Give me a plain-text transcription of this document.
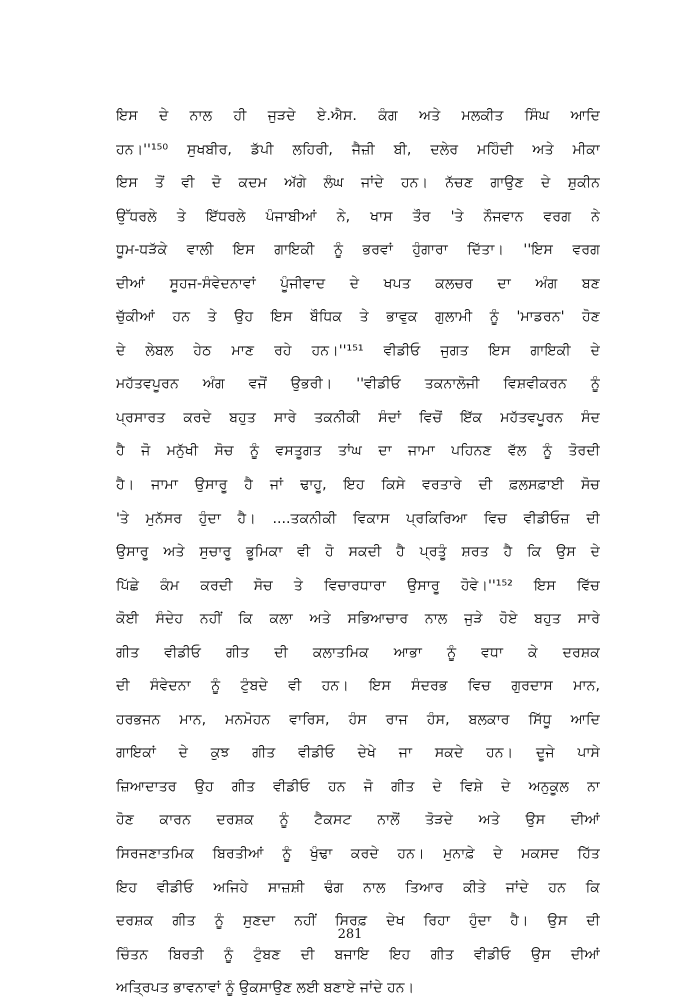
ਇਸ ਦੇ ਨਾਲ ਹੀ ਜੁੜਦੇ ਏ.ਐਸ. ਕੰਗ ਅਤੇ ਮਲਕੀਤ ਸਿੰਘ ਆਦਿ
ਹਨ।''¹⁵⁰ ਸੁਖਬੀਰ, ਡੱਪੀ ਲਹਿਰੀ, ਜੈਜ਼ੀ ਬੀ, ਦਲੇਰ ਮਹਿੰਦੀ ਅਤੇ ਮੀਕਾ
ਇਸ ਤੋਂ ਵੀ ਦੋ ਕਦਮ ਅੱਗੇ ਲੰਘ ਜਾਂਦੇ ਹਨ। ਨੱਚਣ ਗਾਉਣ ਦੇ ਸ਼ੁਕੀਨ
ਉੱਧਰਲੇ ਤੇ ਇੱਧਰਲੇ ਪੰਜਾਬੀਆਂ ਨੇ, ਖਾਸ ਤੌਰ 'ਤੇ ਨੌਜਵਾਨ ਵਰਗ ਨੇ
ਧੂਮ-ਧੜੱਕੇ ਵਾਲੀ ਇਸ ਗਾਇਕੀ ਨੂੰ ਭਰਵਾਂ ਹੁੰਗਾਰਾ ਦਿੱਤਾ। ''ਇਸ ਵਰਗ
ਦੀਆਂ ਸੂਹਜ-ਸੰਵੇਦਨਾਵਾਂ ਪੂੰਜੀਵਾਦ ਦੇ ਖਪਤ ਕਲਚਰ ਦਾ ਅੰਗ ਬਣ
ਚੁੱਕੀਆਂ ਹਨ ਤੇ ਉਹ ਇਸ ਬੌਧਿਕ ਤੇ ਭਾਵੁਕ ਗੁਲਾਮੀ ਨੂੰ 'ਮਾਡਰਨ' ਹੋਣ
ਦੇ ਲੇਬਲ ਹੇਠ ਮਾਣ ਰਹੇ ਹਨ।''¹⁵¹ ਵੀਡੀਓ ਜੁਗਤ ਇਸ ਗਾਇਕੀ ਦੇ
ਮਹੱਤਵਪੂਰਨ ਅੰਗ ਵਜੋਂ ਉਭਰੀ। ''ਵੀਡੀਓ ਤਕਨਾਲੋਜੀ ਵਿਸ਼ਵੀਕਰਨ ਨੂੰ
ਪ੍ਰਸਾਰਤ ਕਰਦੇ ਬਹੁਤ ਸਾਰੇ ਤਕਨੀਕੀ ਸੰਦਾਂ ਵਿਚੋਂ ਇੱਕ ਮਹੱਤਵਪੂਰਨ ਸੰਦ
ਹੈ ਜੋ ਮਨੁੱਖੀ ਸੋਚ ਨੂੰ ਵਸਤੂਗਤ ਤਾਂਘ ਦਾ ਜਾਮਾ ਪਹਿਨਣ ਵੱਲ ਨੂੰ ਤੋਰਦੀ
ਹੈ। ਜਾਮਾ ਉਸਾਰੂ ਹੈ ਜਾਂ ਢਾਹੂ, ਇਹ ਕਿਸੇ ਵਰਤਾਰੇ ਦੀ ਫ਼ਲਸਫ਼ਾਈ ਸੋਚ
'ਤੇ ਮੁਨੱਸਰ ਹੁੰਦਾ ਹੈ। ....ਤਕਨੀਕੀ ਵਿਕਾਸ ਪ੍ਰਕਿਰਿਆ ਵਿਚ ਵੀਡੀਓਜ਼ ਦੀ
ਉਸਾਰੂ ਅਤੇ ਸੁਚਾਰੂ ਭੂਮਿਕਾ ਵੀ ਹੋ ਸਕਦੀ ਹੈ ਪ੍ਰਤੂੰ ਸ਼ਰਤ ਹੈ ਕਿ ਉਸ ਦੇ
ਪਿੱਛੇ ਕੰਮ ਕਰਦੀ ਸੋਚ ਤੇ ਵਿਚਾਰਧਾਰਾ ਉਸਾਰੂ ਹੋਵੇ।''¹⁵² ਇਸ ਵਿੱਚ
ਕੋਈ ਸੰਦੇਹ ਨਹੀਂ ਕਿ ਕਲਾ ਅਤੇ ਸਭਿਆਚਾਰ ਨਾਲ ਜੁੜੇ ਹੋਏ ਬਹੁਤ ਸਾਰੇ
ਗੀਤ ਵੀਡੀਓ ਗੀਤ ਦੀ ਕਲਾਤਮਿਕ ਆਭਾ ਨੂੰ ਵਧਾ ਕੇ ਦਰਸ਼ਕ
ਦੀ ਸੰਵੇਦਨਾ ਨੂੰ ਟੁੰਬਦੇ ਵੀ ਹਨ। ਇਸ ਸੰਦਰਭ ਵਿਚ ਗੁਰਦਾਸ ਮਾਨ,
ਹਰਭਜਨ ਮਾਨ, ਮਨਮੋਹਨ ਵਾਰਿਸ, ਹੰਸ ਰਾਜ ਹੰਸ, ਬਲਕਾਰ ਸਿੱਧੂ ਆਦਿ
ਗਾਇਕਾਂ ਦੇ ਕੁਝ ਗੀਤ ਵੀਡੀਓ ਦੇਖੇ ਜਾ ਸਕਦੇ ਹਨ। ਦੂਜੇ ਪਾਸੇ
ਜ਼ਿਆਦਾਤਰ ਉਹ ਗੀਤ ਵੀਡੀਓ ਹਨ ਜੋ ਗੀਤ ਦੇ ਵਿਸ਼ੇ ਦੇ ਅਨੁਕੂਲ ਨਾ
ਹੋਣ ਕਾਰਨ ਦਰਸ਼ਕ ਨੂੰ ਟੈਕਸਟ ਨਾਲੋਂ ਤੋੜਦੇ ਅਤੇ ਉਸ ਦੀਆਂ
ਸਿਰਜਣਾਤਮਿਕ ਬਿਰਤੀਆਂ ਨੂੰ ਖੁੰਢਾ ਕਰਦੇ ਹਨ। ਮੁਨਾਫ਼ੇ ਦੇ ਮਕਸਦ ਹਿੱਤ
ਇਹ ਵੀਡੀਓ ਅਜਿਹੇ ਸਾਜ਼ਸ਼ੀ ਢੰਗ ਨਾਲ ਤਿਆਰ ਕੀਤੇ ਜਾਂਦੇ ਹਨ ਕਿ
ਦਰਸ਼ਕ ਗੀਤ ਨੂੰ ਸੁਣਦਾ ਨਹੀਂ ਸਿਰਫ਼ ਦੇਖ ਰਿਹਾ ਹੁੰਦਾ ਹੈ। ਉਸ ਦੀ
ਚਿੰਤਨ ਬਿਰਤੀ ਨੂੰ ਟੁੰਬਣ ਦੀ ਬਜਾਇ ਇਹ ਗੀਤ ਵੀਡੀਓ ਉਸ ਦੀਆਂ
ਅਤ੍ਰਿਪਤ ਭਾਵਨਾਵਾਂ ਨੂੰ ਉਕਸਾਉਣ ਲਈ ਬਣਾਏ ਜਾਂਦੇ ਹਨ।
281
